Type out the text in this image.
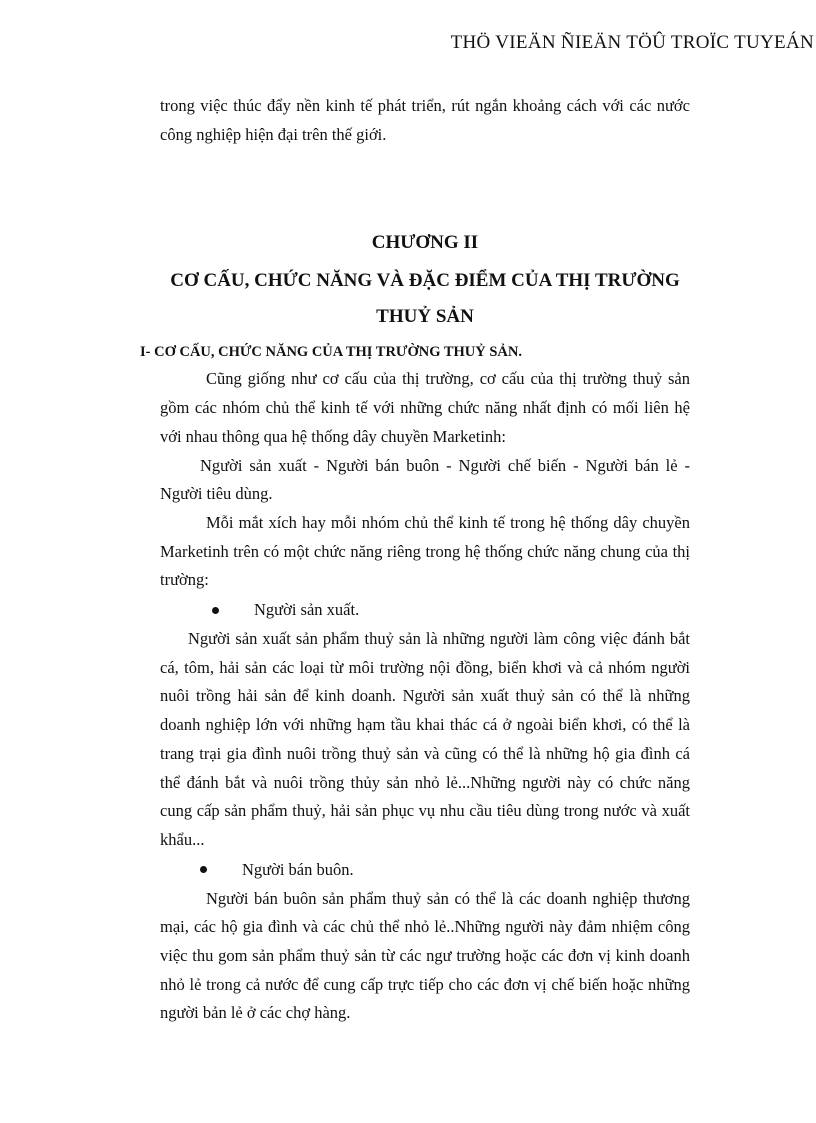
THÖ VIEÄN ÑIEÄN TÖÛ TROÏC TUYEÁN

trong việc thúc đẩy nền kinh tế phát triển, rút ngắn khoảng cách với các nước công nghiệp hiện đại trên thế giới.

CHƯƠNG II
CƠ CẤU, CHỨC NĂNG VÀ ĐẶC ĐIỂM CỦA THỊ TRƯỜNG THUỶ SẢN
I- CƠ CẤU, CHỨC NĂNG CỦA THỊ TRƯỜNG THUỶ SẢN.

Cũng giống như cơ cấu của thị trường, cơ cấu của thị trường thuỷ sản gồm các nhóm chủ thể kinh tế với những chức năng nhất định có mối liên hệ với nhau thông qua hệ thống dây chuyền Marketinh:

Người sản xuất - Người bán buôn - Người chế biến - Người bán lẻ - Người tiêu dùng.

Mỗi mắt xích hay mỗi nhóm chủ thể kinh tế trong hệ thống dây chuyền Marketinh trên có một chức năng riêng trong hệ thống chức năng chung của thị trường:

Người sản xuất.

Người sản xuất sản phẩm thuỷ sản là những người làm công việc đánh bắt cá, tôm, hải sản các loại từ môi trường nội đồng, biển khơi và cả nhóm người nuôi trồng hải sản để kinh doanh. Người sản xuất thuỷ sản có thể là những doanh nghiệp lớn với những hạm tầu khai thác cá ở ngoài biển khơi, có thể là trang trại gia đình nuôi trồng thuỷ sản và cũng có thể là những hộ gia đình cá thể đánh bắt và nuôi trồng thủy sản nhỏ lẻ...Những người này có chức năng cung cấp sản phẩm thuỷ, hải sản phục vụ nhu cầu tiêu dùng trong nước và xuất khẩu...

Người bán buôn.

Người bán buôn sản phẩm thuỷ sản có thể là các doanh nghiệp thương mại, các hộ gia đình và các chủ thể nhỏ lẻ..Những người này đảm nhiệm công việc thu gom sản phẩm thuỷ sản từ các ngư trường hoặc các đơn vị kinh doanh nhỏ lẻ trong cả nước để cung cấp trực tiếp cho các đơn vị chế biến hoặc những người bản lẻ ở các chợ hàng.
